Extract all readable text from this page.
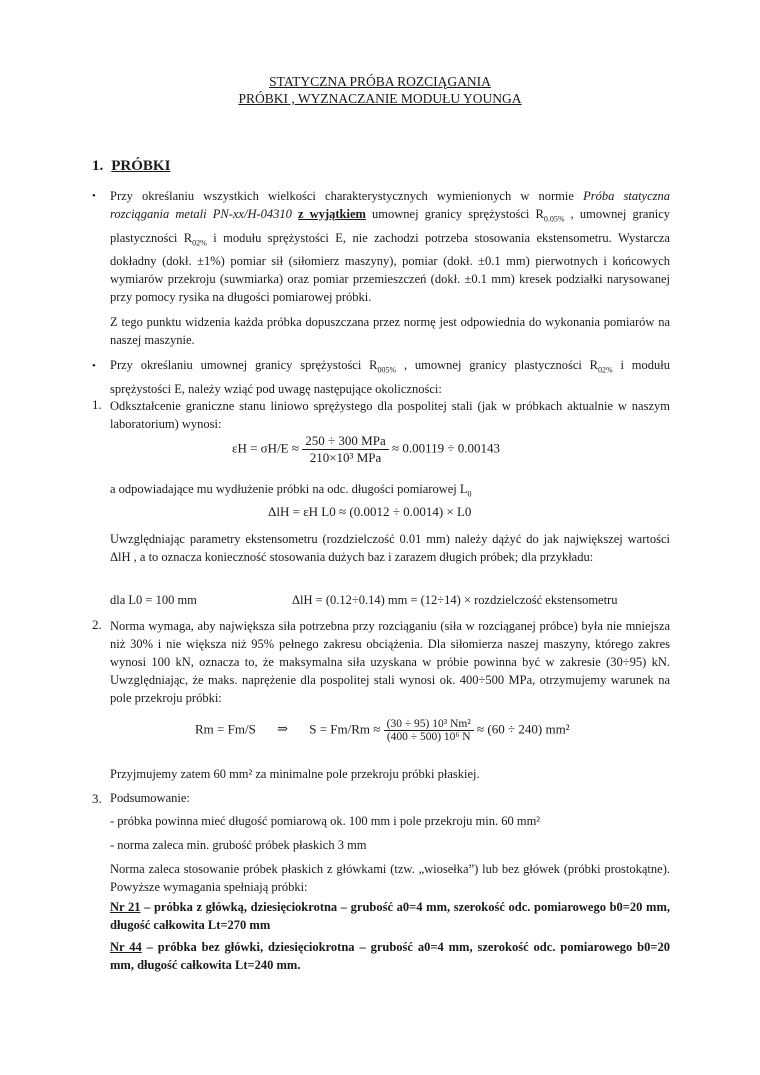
STATYCZNA PRÓBA ROZCIĄGANIA
PRÓBKI , WYZNACZANIE MODUŁU YOUNGA
1. PRÓBKI
• Przy określaniu wszystkich wielkości charakterystycznych wymienionych w normie Próba statyczna rozciągania metali PN-xx/H-04310 z wyjątkiem umownej granicy sprężystości $R_{0.05\%}$ , umownej granicy plastyczności $R_{02\%}$ i modułu sprężystości E, nie zachodzi potrzeba stosowania ekstensometru. Wystarcza dokładny (dokł. ±1%) pomiar sił (siłomierz maszyny), pomiar (dokł. ±0.1 mm) pierwotnych i końcowych wymiarów przekroju (suwmiarka) oraz pomiar przemieszczeń (dokł. ±0.1 mm) kresek podziałki narysowanej przy pomocy rysika na długości pomiarowej próbki.

Z tego punktu widzenia każda próbka dopuszczana przez normę jest odpowiednia do wykonania pomiarów na naszej maszynie.

• Przy określaniu umownej granicy sprężystości $R_{005\%}$ , umownej granicy plastyczności $R_{02\%}$ i modułu sprężystości E, należy wziąć pod uwagę następujące okoliczności:

1. Odkształcenie graniczne stanu liniowo sprężystego dla pospolitej stali (jak w próbkach aktualnie w naszym laboratorium) wynosi:

$\varepsilon H = \sigma H/E \approx \frac{\text{250 ÷ 300 MPa}}{\text{210×10³ MPa}} \approx 0.00119 \div 0.00143$
a odpowiadające mu wydłużenie próbki na odc. długości pomiarowej $L_0$
ΔlH = εH L0 ≈ (0.0012 ÷ 0.0014) × L0

Uwzględniając parametry ekstensometru (rozdzielczość 0.01 mm) należy dążyć do jak największej wartości ΔlH , a to oznacza konieczność stosowania dużych baz i zarazem długich próbek; dla przykładu:

dla L0 = 100 mm	ΔlH = (0.12÷0.14) mm = (12÷14) × rozdzielczość ekstensometru
2. Norma wymaga, aby największa siła potrzebna przy rozciąganiu (siła w rozciąganej próbce) była nie mniejsza niż 30% i nie większa niż 95% pełnego zakresu obciążenia. Dla siłomierza naszej maszyny, którego zakres wynosi 100 kN, oznacza to, że maksymalna siła uzyskana w próbie powinna być w zakresie (30÷95) kN. Uwzględniając, że maks. naprężenie dla pospolitej stali wynosi ok. 400÷500 MPa, otrzymujemy warunek na pole przekroju próbki:

Rm = Fm/S ⇒ $S = Fm/Rm \approx \frac{\text{(30 ÷ 95) 10³ Nm²}}{\text{(400 ÷ 500) 10⁶ N}} \approx (60 \div 240)$ mm²
Przyjmujemy zatem 60 mm² za minimalne pole przekroju próbki płaskiej.
3. Podsumowanie:
- próbka powinna mieć długość pomiarową ok. 100 mm i pole przekroju min. 60 mm²
- norma zaleca min. grubość próbek płaskich 3 mm

Norma zaleca stosowanie próbek płaskich z główkami (tzw. „wiosełka”) lub bez główek (próbki prostokątne). Powyższe wymagania spełniają próbki:

Nr 21 – próbka z główką, dziesięciokrotna – grubość a0=4 mm, szerokość odc. pomiarowego b0=20 mm, długość całkowita Lt=270 mm

Nr 44 – próbka bez główki, dziesięciokrotna – grubość a0=4 mm, szerokość odc. pomiarowego b0=20 mm, długość całkowita Lt=240 mm.
